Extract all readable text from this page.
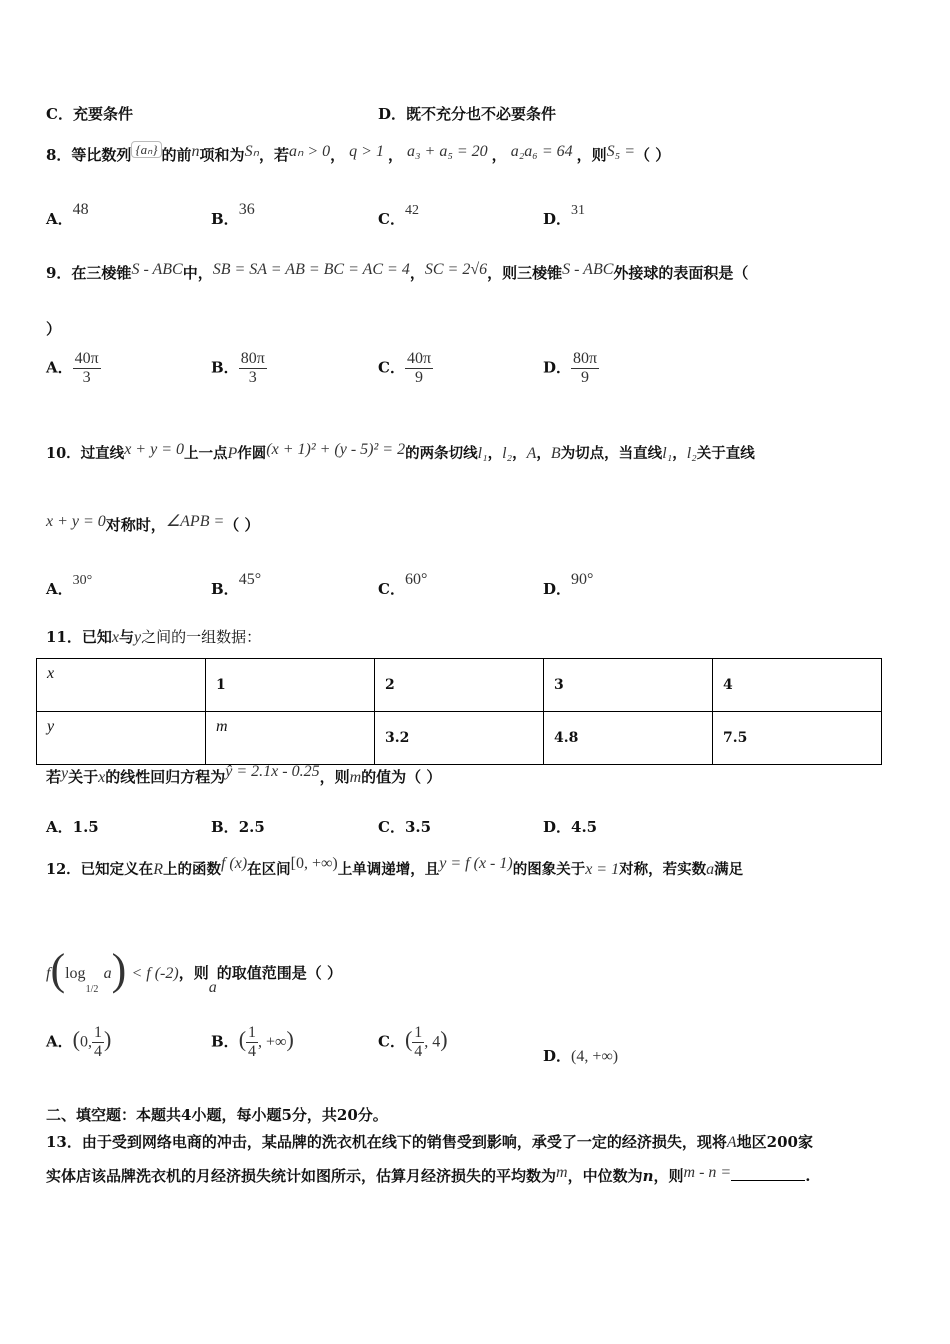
C．充要条件	D．既不充分也不必要条件
8．等比数列 {aₙ} 的前n项和为Sₙ，若aₙ > 0， q > 1 ， a₃ + a₅ = 20 ， a₂a₆ = 64 ，则S₅ =（ ）
A．48
B．36
C．42	D．31
9．在三棱锥S - ABC中，SB = SA = AB = BC = AC = 4，SC = 2√6，则三棱锥S - ABC外接球的表面积是（
）
A． $\frac{40\pi}{3}$	B． $\frac{80\pi}{3}$	C． $\frac{40\pi}{9}$	D． $\frac{80\pi}{9}$
10．过直线x + y = 0上一点P作圆(x + 1)² + (y - 5)² = 2的两条切线l₁，l₂，A，B为切点，当直线l₁，l₂关于直线
x + y = 0对称时，∠APB =（ ）
A．30°	B．45°
C．60°
D．90°
11．已知x与y之间的一组数据：
x	1	2	3	4
y	m	3.2	4.8	7.5
若y关于x的线性回归方程为ŷ = 2.1x - 0.25，则m的值为（ ）
A．1.5	B．2.5	C．3.5	D．4.5
12．已知定义在R上的函数f (x)在区间[0, +∞)上单调递增，且y = f (x - 1)的图象关于x = 1对称，若实数a满足
$f(\log_{1/2}$ a) < f (-2)，则a的取值范围是（ ）
A．(0, $\frac{1}{4}$ )	B．( $\frac{1}{4}$ , +∞)	C．( $\frac{1}{4}$ , 4)
D．(4, +∞)
二、填空题：本题共4小题，每小题5分，共20分。
13．由于受到网络电商的冲击，某品牌的洗衣机在线下的销售受到影响，承受了一定的经济损失，现将A地区200家
实体店该品牌洗衣机的月经济损失统计如图所示，估算月经济损失的平均数为m，中位数为n，则m - n =	.
